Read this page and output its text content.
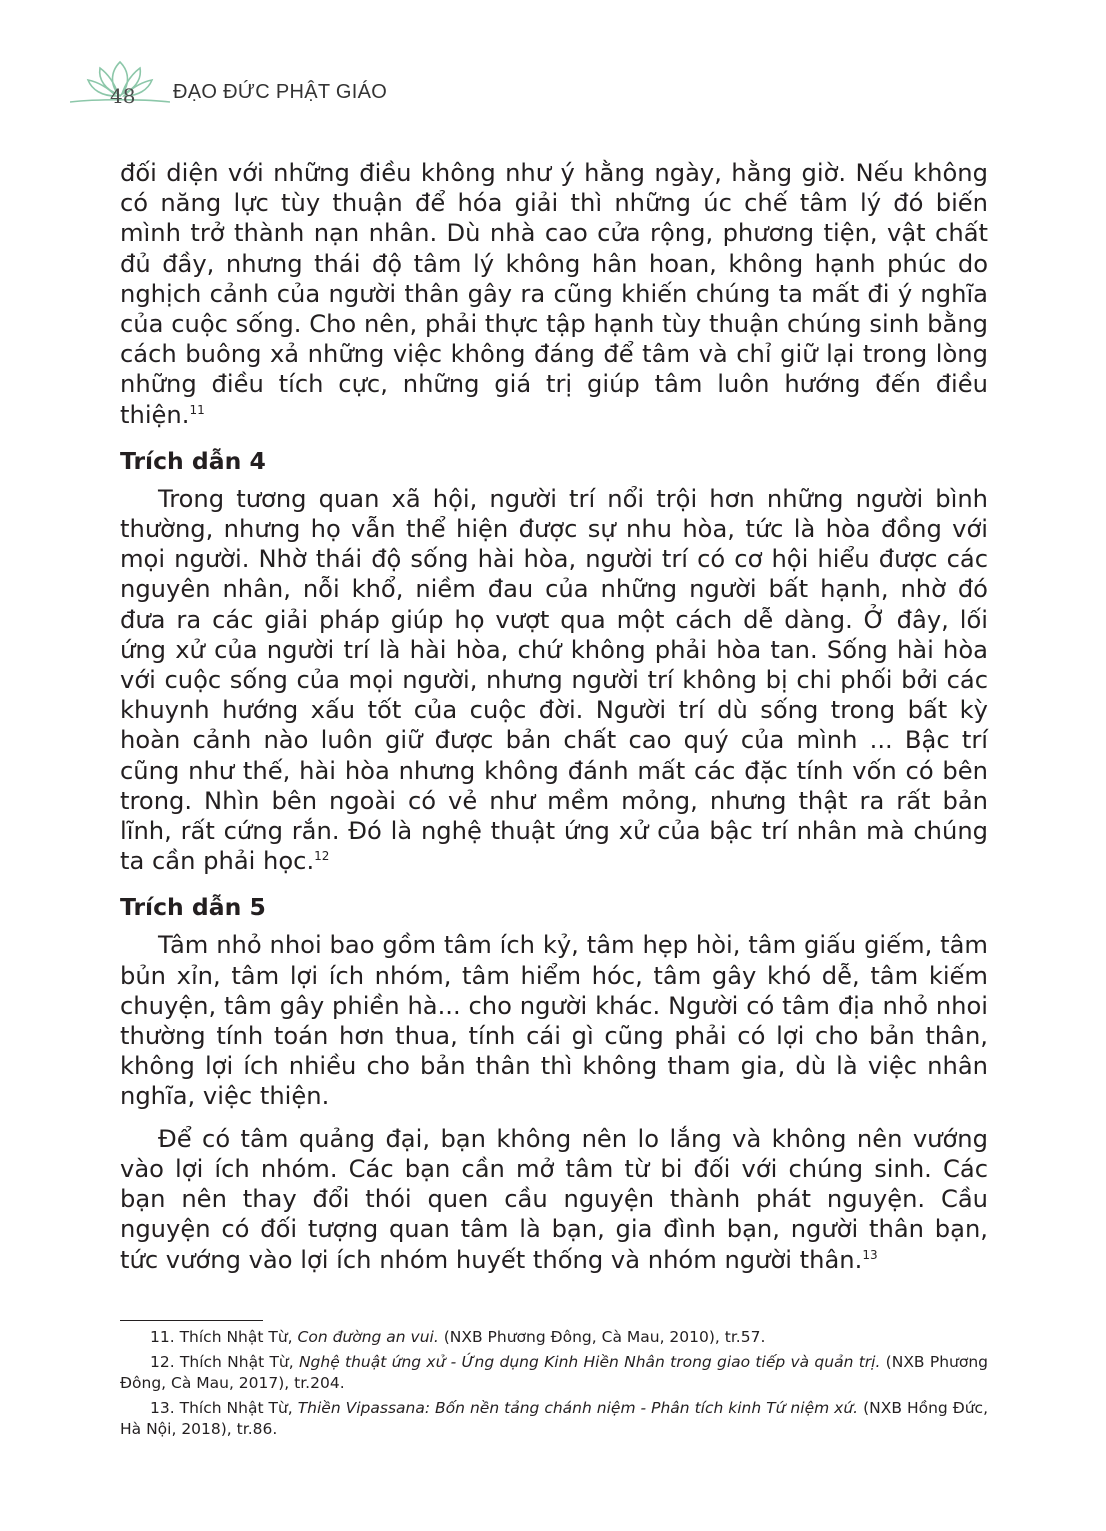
48 ĐẠO ĐỨC PHẬT GIÁO

đối diện với những điều không như ý hằng ngày, hằng giờ. Nếu không có năng lực tùy thuận để hóa giải thì những úc chế tâm lý đó biến mình trở thành nạn nhân. Dù nhà cao cửa rộng, phương tiện, vật chất đủ đầy, nhưng thái độ tâm lý không hân hoan, không hạnh phúc do nghịch cảnh của người thân gây ra cũng khiến chúng ta mất đi ý nghĩa của cuộc sống. Cho nên, phải thực tập hạnh tùy thuận chúng sinh bằng cách buông xả những việc không đáng để tâm và chỉ giữ lại trong lòng những điều tích cực, những giá trị giúp tâm luôn hướng đến điều thiện.$^{11}$

Trích dẫn 4

Trong tương quan xã hội, người trí nổi trội hơn những người bình thường, nhưng họ vẫn thể hiện được sự nhu hòa, tức là hòa đồng với mọi người. Nhờ thái độ sống hài hòa, người trí có cơ hội hiểu được các nguyên nhân, nỗi khổ, niềm đau của những người bất hạnh, nhờ đó đưa ra các giải pháp giúp họ vượt qua một cách dễ dàng. Ở đây, lối ứng xử của người trí là hài hòa, chứ không phải hòa tan. Sống hài hòa với cuộc sống của mọi người, nhưng người trí không bị chi phối bởi các khuynh hướng xấu tốt của cuộc đời. Người trí dù sống trong bất kỳ hoàn cảnh nào luôn giữ được bản chất cao quý của mình ... Bậc trí cũng như thế, hài hòa nhưng không đánh mất các đặc tính vốn có bên trong. Nhìn bên ngoài có vẻ như mềm mỏng, nhưng thật ra rất bản lĩnh, rất cứng rắn. Đó là nghệ thuật ứng xử của bậc trí nhân mà chúng ta cần phải học.$^{12}$

Trích dẫn 5

Tâm nhỏ nhoi bao gồm tâm ích kỷ, tâm hẹp hòi, tâm giấu giếm, tâm bủn xỉn, tâm lợi ích nhóm, tâm hiểm hóc, tâm gây khó dễ, tâm kiếm chuyện, tâm gây phiền hà... cho người khác. Người có tâm địa nhỏ nhoi thường tính toán hơn thua, tính cái gì cũng phải có lợi cho bản thân, không lợi ích nhiều cho bản thân thì không tham gia, dù là việc nhân nghĩa, việc thiện.

Để có tâm quảng đại, bạn không nên lo lắng và không nên vướng vào lợi ích nhóm. Các bạn cần mở tâm từ bi đối với chúng sinh. Các bạn nên thay đổi thói quen cầu nguyện thành phát nguyện. Cầu nguyện có đối tượng quan tâm là bạn, gia đình bạn, người thân bạn, tức vướng vào lợi ích nhóm huyết thống và nhóm người thân.$^{13}$

11. Thích Nhật Từ, Con đường an vui. (NXB Phương Đông, Cà Mau, 2010), tr.57.

12. Thích Nhật Từ, Nghệ thuật ứng xử - Ứng dụng Kinh Hiền Nhân trong giao tiếp và quản trị. (NXB Phương Đông, Cà Mau, 2017), tr.204.

13. Thích Nhật Từ, Thiền Vipassana: Bốn nền tảng chánh niệm - Phân tích kinh Tứ niệm xứ. (NXB Hồng Đức, Hà Nội, 2018), tr.86.
